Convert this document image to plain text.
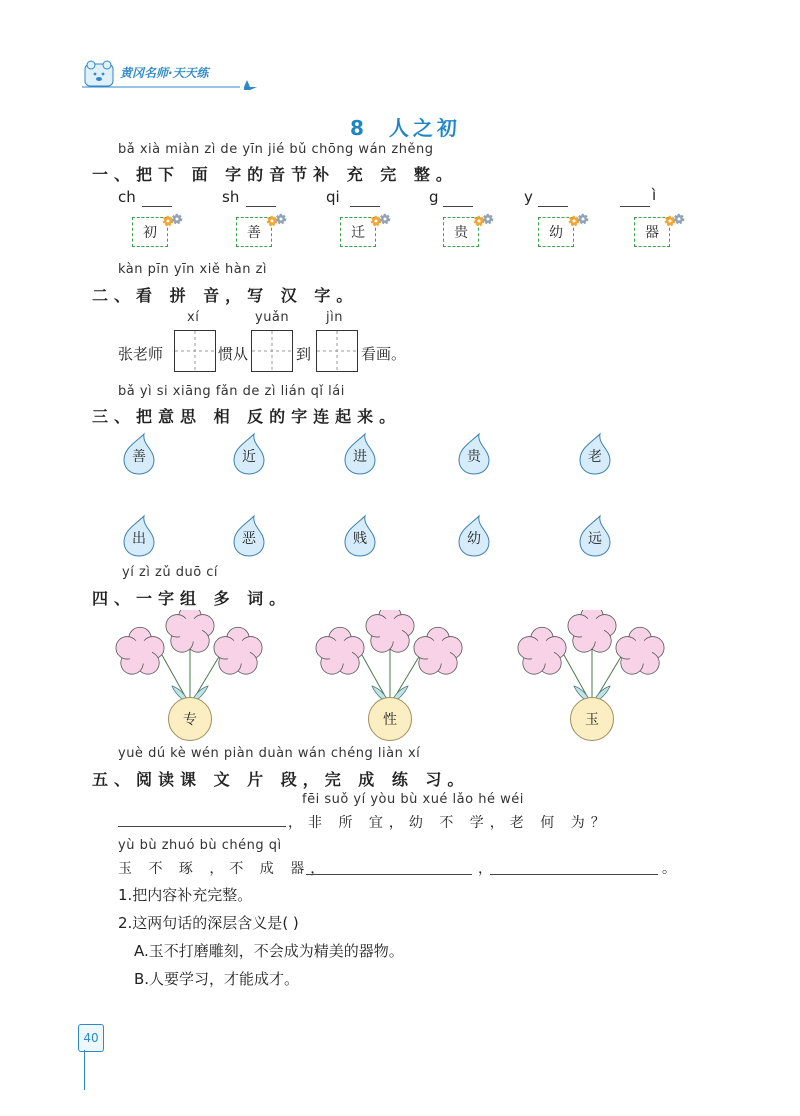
黄冈名师·天天练
8 人之初
bǎ xià miàn zì de yīn jié bǔ chōng wán zhěng
一、把下 面 字的音节补 充 完 整。
ch
初
sh
善
qi
迁
g
贵
y
幼
ì
器
kàn pīn yīn xiě hàn zì
二、看 拼 音，写 汉 字。
xí	yuǎn	jìn
张老师	惯从	到	看画。
bǎ yì si xiāng fǎn de zì lián qǐ lái
三、把意思 相 反的字连起来。
善	近	进	贵	老
出	恶	贱	幼	远
yí zì zǔ duō cí
四、一字组 多 词。
专	性	玉
yuè dú kè wén piàn duàn wán chéng liàn xí
五、阅读课 文 片 段，完 成 练 习。
fēi suǒ yí yòu bù xué lǎo hé wéi
，非 所 宜，幼 不 学，老 何 为？
yù bù zhuó bù chéng qì
玉 不 琢 ，不 成 器，	，	。
1.把内容补充完整。
2.这两句话的深层含义是( )
A.玉不打磨雕刻，不会成为精美的器物。
B.人要学习，才能成才。
40
